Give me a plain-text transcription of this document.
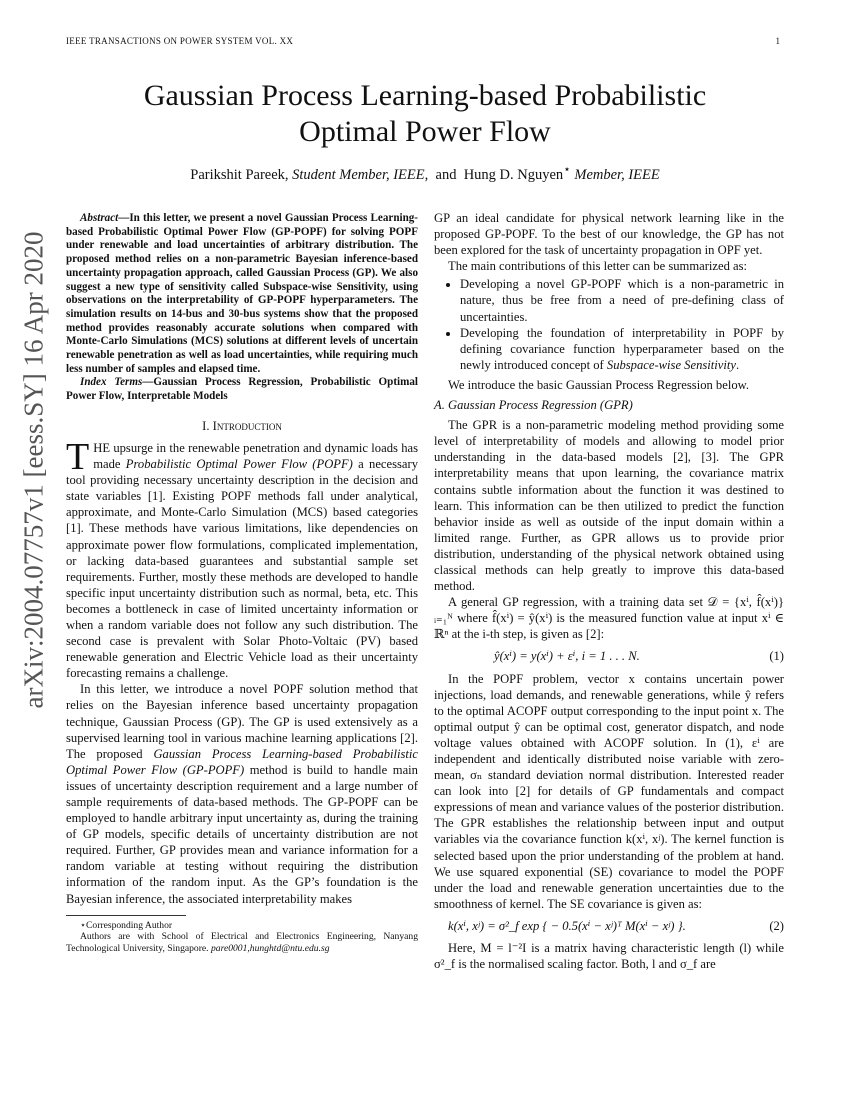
IEEE TRANSACTIONS ON POWER SYSTEM VOL. XX	1
arXiv:2004.07757v1 [eess.SY] 16 Apr 2020
Gaussian Process Learning-based Probabilistic
Optimal Power Flow
Parikshit Pareek, Student Member, IEEE, and Hung D. Nguyen⋆ Member, IEEE

Abstract—In this letter, we present a novel Gaussian Process Learning-based Probabilistic Optimal Power Flow (GP-POPF) for solving POPF under renewable and load uncertainties of arbitrary distribution. The proposed method relies on a non-parametric Bayesian inference-based uncertainty propagation approach, called Gaussian Process (GP). We also suggest a new type of sensitivity called Subspace-wise Sensitivity, using observations on the interpretability of GP-POPF hyperparameters. The simulation results on 14-bus and 30-bus systems show that the proposed method provides reasonably accurate solutions when compared with Monte-Carlo Simulations (MCS) solutions at different levels of uncertain renewable penetration as well as load uncertainties, while requiring much less number of samples and elapsed time.

Index Terms—Gaussian Process Regression, Probabilistic Optimal Power Flow, Interpretable Models

I. Introduction

THE upsurge in the renewable penetration and dynamic loads has made Probabilistic Optimal Power Flow (POPF) a necessary tool providing necessary uncertainty description in the decision and state variables [1]. Existing POPF methods fall under analytical, approximate, and Monte-Carlo Simulation (MCS) based categories [1]. These methods have various limitations, like dependencies on approximate power flow formulations, complicated implementation, or lacking data-based guarantees and substantial sample set requirements. Further, mostly these methods are developed to handle specific input uncertainty distribution such as normal, beta, etc. This becomes a bottleneck in case of limited uncertainty information or when a random variable does not follow any such distribution. The second case is prevalent with Solar Photo-Voltaic (PV) based renewable generation and Electric Vehicle load as their uncertainty forecasting remains a challenge.

In this letter, we introduce a novel POPF solution method that relies on the Bayesian inference based uncertainty propagation technique, Gaussian Process (GP). The GP is used extensively as a supervised learning tool in various machine learning applications [2]. The proposed Gaussian Process Learning-based Probabilistic Optimal Power Flow (GP-POPF) method is build to handle main issues of uncertainty description requirement and a large number of sample requirements of data-based methods. The GP-POPF can be employed to handle arbitrary input uncertainty as, during the training of GP models, specific details of uncertainty distribution are not required. Further, GP provides mean and variance information for a random variable at testing without requiring the distribution information of the random input. As the GP’s foundation is the Bayesian inference, the associated interpretability makes

⋆Corresponding Author

Authors are with School of Electrical and Electronics Engineering, Nanyang Technological University, Singapore. pare0001,hunghtd@ntu.edu.sg

GP an ideal candidate for physical network learning like in the proposed GP-POPF. To the best of our knowledge, the GP has not been explored for the task of uncertainty propagation in OPF yet.

The main contributions of this letter can be summarized as:

• Developing a novel GP-POPF which is a non-parametric in nature, thus be free from a need of pre-defining class of uncertainties.
• Developing the foundation of interpretability in POPF by defining covariance function hyperparameter based on the newly introduced concept of Subspace-wise Sensitivity.

We introduce the basic Gaussian Process Regression below.

A. Gaussian Process Regression (GPR)

The GPR is a non-parametric modeling method providing some level of interpretability of models and allowing to model prior understanding in the data-based models [2], [3]. The GPR interpretability means that upon learning, the covariance matrix contains subtle information about the function it was destined to learn. This information can be then utilized to predict the function behavior inside as well as outside of the input domain within a limited range. Further, as GPR allows us to provide prior distribution, understanding of the physical network obtained using classical methods can help greatly to improve this data-based method.

A general GP regression, with a training data set 𝒟 = {xⁱ, f̂(xⁱ)}ᵢ₌₁ᴺ where f̂(xⁱ) = ŷ(xⁱ) is the measured function value at input xⁱ ∈ ℝⁿ at the i-th step, is given as [2]:

ŷ(xⁱ) = y(xⁱ) + εⁱ, i = 1 . . . N.	(1)

In the POPF problem, vector x contains uncertain power injections, load demands, and renewable generations, while ŷ refers to the optimal ACOPF output corresponding to the input point x. The optimal output ŷ can be optimal cost, generator dispatch, and node voltage values obtained with ACOPF solution. In (1), εⁱ are independent and identically distributed noise variable with zero-mean, σₙ standard deviation normal distribution. Interested reader can look into [2] for details of GP fundamentals and compact expressions of mean and variance values of the posterior distribution. The GPR establishes the relationship between input and output variables via the covariance function k(xⁱ, xʲ). The kernel function is selected based upon the prior understanding of the problem at hand. We use squared exponential (SE) covariance to model the POPF under the load and renewable generation uncertainties due to the smoothness of kernel. The SE covariance is given as:

k(xⁱ, xʲ) = σ²_f exp { − 0.5(xⁱ − xʲ)ᵀ M(xⁱ − xʲ) }.	(2)

Here, M = l⁻²I is a matrix having characteristic length (l) while σ²_f is the normalised scaling factor. Both, l and σ_f are
